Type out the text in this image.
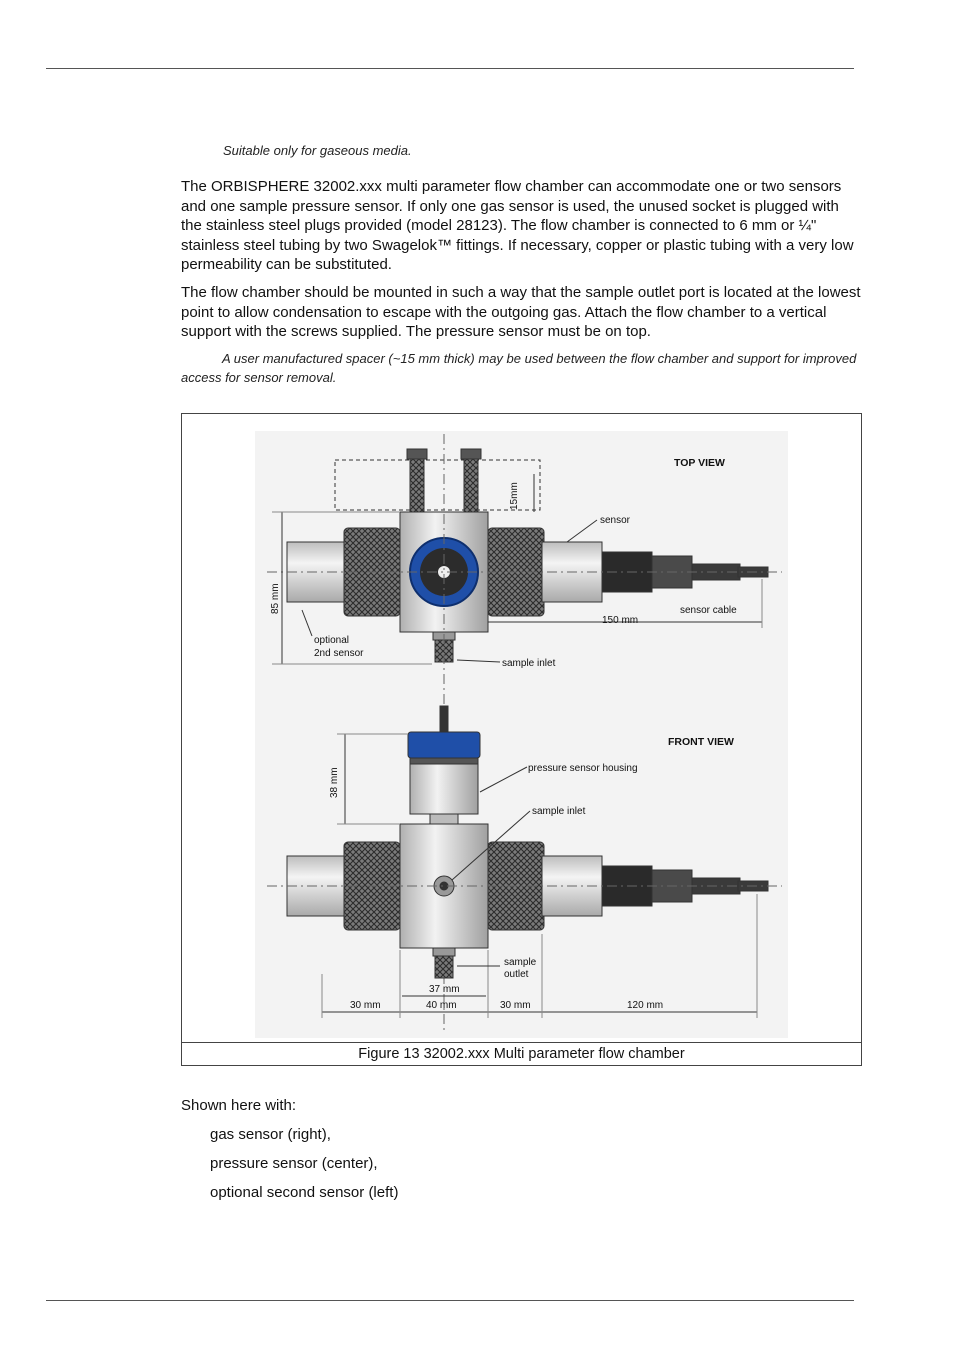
Suitable only for gaseous media.
The ORBISPHERE 32002.xxx multi parameter flow chamber can accommodate one or two sensors and one sample pressure sensor. If only one gas sensor is used, the unused socket is plugged with the stainless steel plugs provided (model 28123). The flow chamber is connected to 6 mm or ¼" stainless steel tubing by two Swagelok™ fittings. If necessary, copper or plastic tubing with a very low permeability can be substituted.
The flow chamber should be mounted in such a way that the sample outlet port is located at the lowest point to allow condensation to escape with the outgoing gas. Attach the flow chamber to a vertical support with the screws supplied. The pressure sensor must be on top.
A user manufactured spacer (~15 mm thick) may be used between the flow chamber and support for improved access for sensor removal.
TOP VIEW
sensor
sensor cable
optional
2nd sensor
sample inlet
150 mm
85 mm
15mm
FRONT VIEW
pressure sensor housing
sample inlet
sample
outlet
37 mm
30 mm	40 mm	30 mm	120 mm
38 mm
Figure 13 32002.xxx Multi parameter flow chamber
Shown here with:
gas sensor (right),
pressure sensor (center),
optional second sensor (left)
